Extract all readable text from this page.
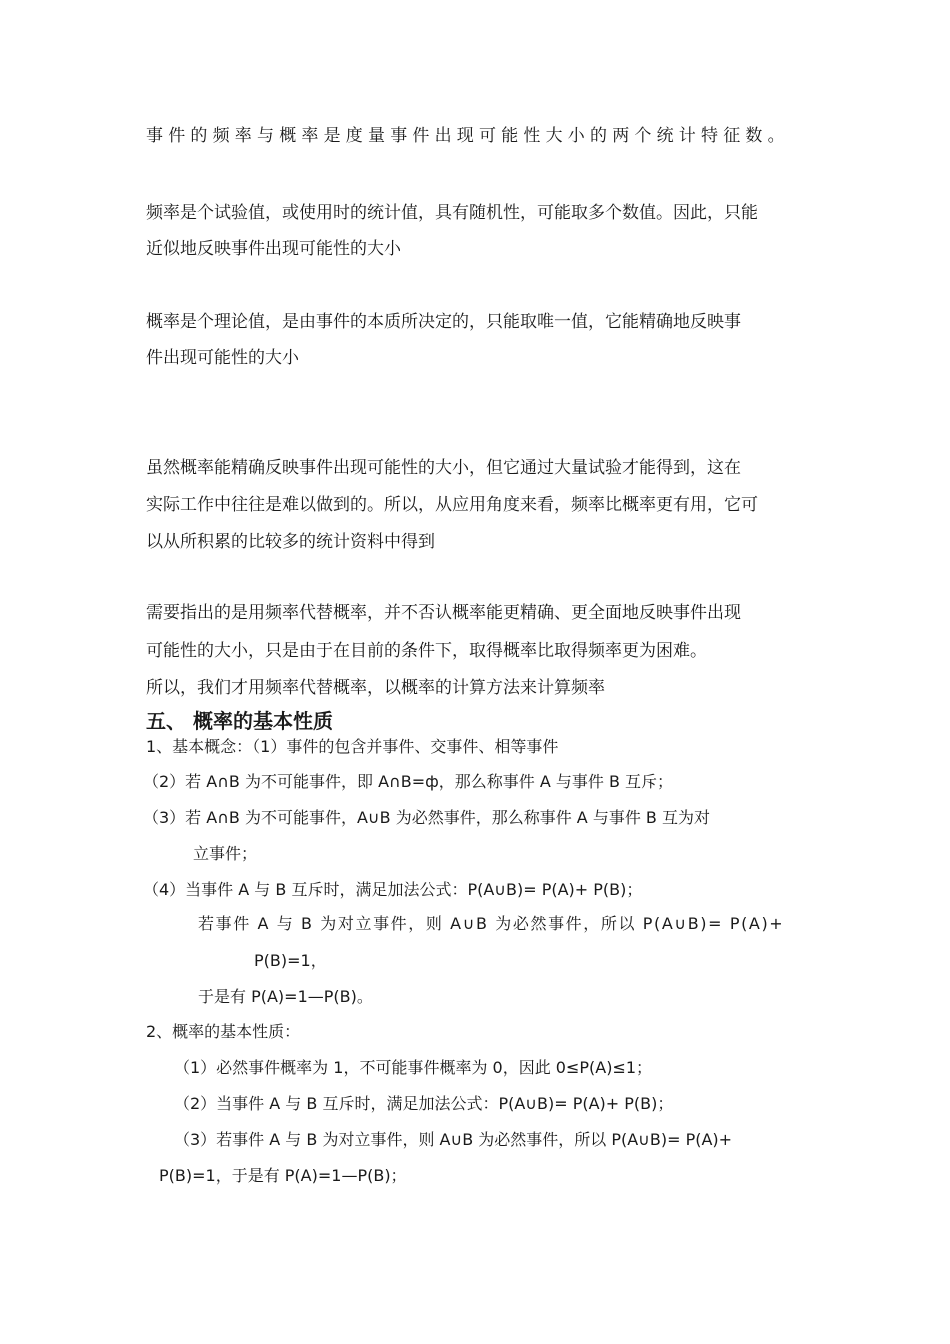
事件的频率与概率是度量事件出现可能性大小的两个统计特征数。
频率是个试验值，或使用时的统计值，具有随机性，可能取多个数值。因此，只能
近似地反映事件出现可能性的大小
概率是个理论值，是由事件的本质所决定的，只能取唯一值，它能精确地反映事
件出现可能性的大小
虽然概率能精确反映事件出现可能性的大小，但它通过大量试验才能得到，这在
实际工作中往往是难以做到的。所以，从应用角度来看，频率比概率更有用，它可
以从所积累的比较多的统计资料中得到
需要指出的是用频率代替概率，并不否认概率能更精确、更全面地反映事件出现
可能性的大小，只是由于在目前的条件下，取得概率比取得频率更为困难。
所以，我们才用频率代替概率，以概率的计算方法来计算频率
五、 概率的基本性质
1、基本概念：（1）事件的包含并事件、交事件、相等事件
（2）若 A∩B 为不可能事件，即 A∩B=ф，那么称事件 A 与事件 B 互斥；
（3）若 A∩B 为不可能事件，A∪B 为必然事件，那么称事件 A 与事件 B 互为对
立事件；
（4）当事件 A 与 B 互斥时，满足加法公式：P(A∪B)= P(A)+ P(B)；
若事件 A 与 B 为对立事件，则 A∪B 为必然事件，所以 P(A∪B)= P(A)+
P(B)=1，
于是有 P(A)=1—P(B)。
2、概率的基本性质：
（1）必然事件概率为 1，不可能事件概率为 0，因此 0≤P(A)≤1；
（2）当事件 A 与 B 互斥时，满足加法公式：P(A∪B)= P(A)+ P(B)；
（3）若事件 A 与 B 为对立事件，则 A∪B 为必然事件，所以 P(A∪B)= P(A)+
P(B)=1，于是有 P(A)=1—P(B)；
